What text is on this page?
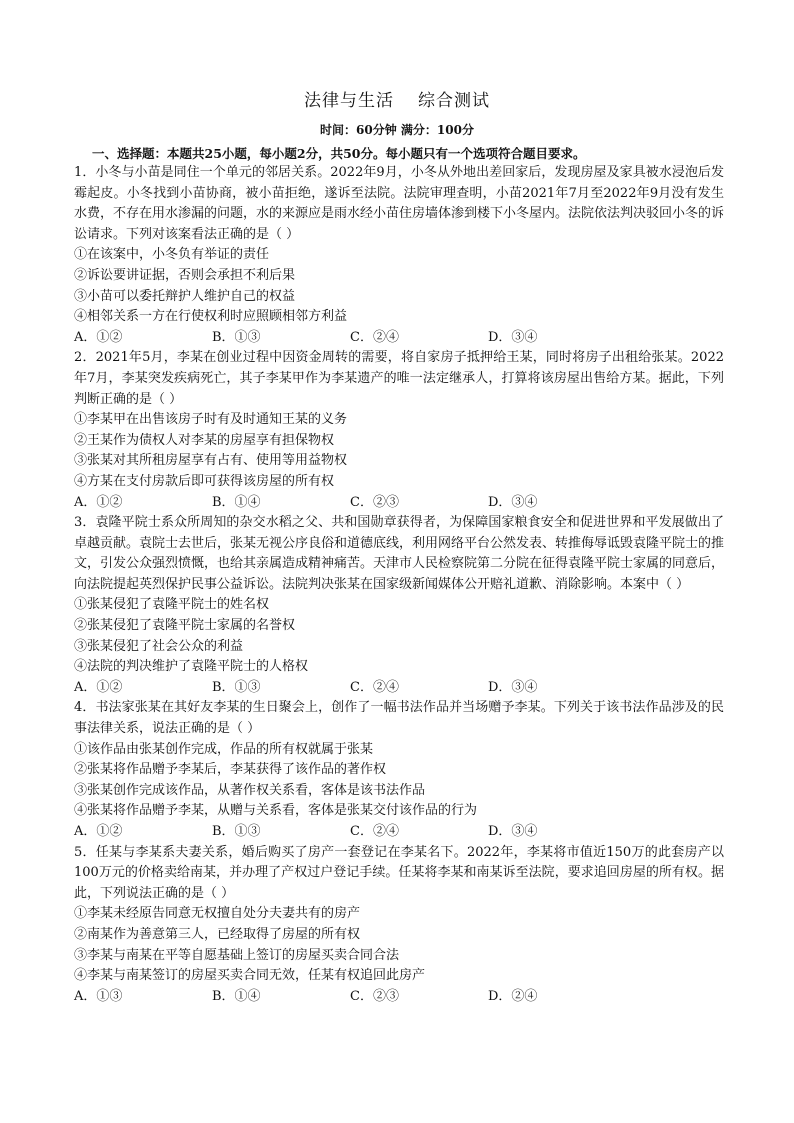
法律与生活 综合测试
时间：60分钟 满分：100分
一、选择题：本题共25小题，每小题2分，共50分。每小题只有一个选项符合题目要求。
1．小冬与小苗是同住一个单元的邻居关系。2022年9月，小冬从外地出差回家后，发现房屋及家具被水浸泡后发霉起皮。小冬找到小苗协商，被小苗拒绝，遂诉至法院。法院审理查明，小苗2021年7月至2022年9月没有发生水费，不存在用水渗漏的问题，水的来源应是雨水经小苗住房墙体渗到楼下小冬屋内。法院依法判决驳回小冬的诉讼请求。下列对该案看法正确的是（ ）
①在该案中，小冬负有举证的责任
②诉讼要讲证据，否则会承担不利后果
③小苗可以委托辩护人维护自己的权益
④相邻关系一方在行使权利时应照顾相邻方利益
A．①②	B．①③	C．②④	D．③④
2．2021年5月，李某在创业过程中因资金周转的需要，将自家房子抵押给王某，同时将房子出租给张某。2022年7月，李某突发疾病死亡，其子李某甲作为李某遗产的唯一法定继承人，打算将该房屋出售给方某。据此，下列判断正确的是（ ）
①李某甲在出售该房子时有及时通知王某的义务
②王某作为债权人对李某的房屋享有担保物权
③张某对其所租房屋享有占有、使用等用益物权
④方某在支付房款后即可获得该房屋的所有权
A．①②	B．①④	C．②③	D．③④
3．袁隆平院士系众所周知的杂交水稻之父、共和国勋章获得者，为保障国家粮食安全和促进世界和平发展做出了卓越贡献。袁院士去世后，张某无视公序良俗和道德底线，利用网络平台公然发表、转推侮辱诋毁袁隆平院士的推文，引发公众强烈愤慨，也给其亲属造成精神痛苦。天津市人民检察院第二分院在征得袁隆平院士家属的同意后，向法院提起英烈保护民事公益诉讼。法院判决张某在国家级新闻媒体公开赔礼道歉、消除影响。本案中（ ）
①张某侵犯了袁隆平院士的姓名权
②张某侵犯了袁隆平院士家属的名誉权
③张某侵犯了社会公众的利益
④法院的判决维护了袁隆平院士的人格权
A．①②	B．①③	C．②④	D．③④
4．书法家张某在其好友李某的生日聚会上，创作了一幅书法作品并当场赠予李某。下列关于该书法作品涉及的民事法律关系，说法正确的是（ ）
①该作品由张某创作完成，作品的所有权就属于张某
②张某将作品赠予李某后，李某获得了该作品的著作权
③张某创作完成该作品，从著作权关系看，客体是该书法作品
④张某将作品赠予李某，从赠与关系看，客体是张某交付该作品的行为
A．①②	B．①③	C．②④	D．③④
5．任某与李某系夫妻关系，婚后购买了房产一套登记在李某名下。2022年，李某将市值近150万的此套房产以100万元的价格卖给南某，并办理了产权过户登记手续。任某将李某和南某诉至法院，要求追回房屋的所有权。据此，下列说法正确的是（ ）
①李某未经原告同意无权擅自处分夫妻共有的房产
②南某作为善意第三人，已经取得了房屋的所有权
③李某与南某在平等自愿基础上签订的房屋买卖合同合法
④李某与南某签订的房屋买卖合同无效，任某有权追回此房产
A．①③	B．①④	C．②③	D．②④
